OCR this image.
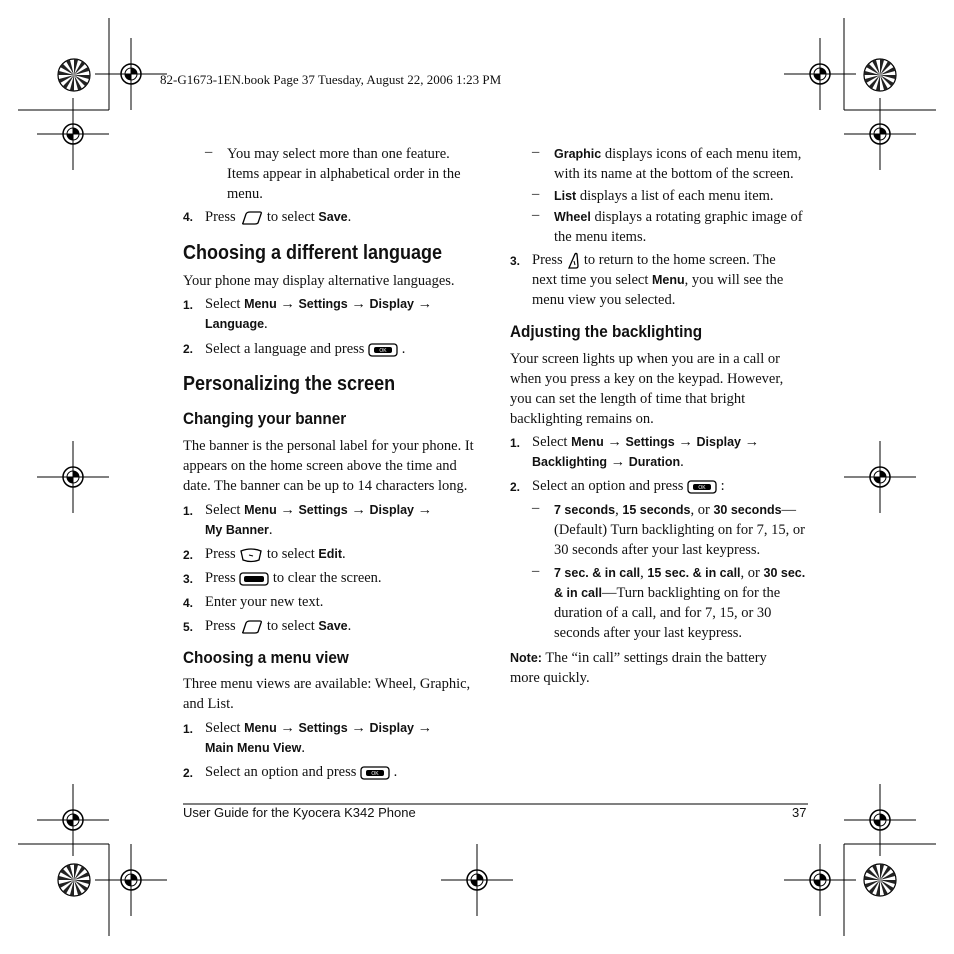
82-G1673-1EN.book Page 37 Tuesday, August 22, 2006 1:23 PM
– You may select more than one feature. Items appear in alphabetical order in the menu.
4. Press to select Save.
Choosing a different language
Your phone may display alternative languages.
1. Select Menu → Settings → Display →
Language.
2. Select a language and press	OK .
Personalizing the screen
Changing your banner
The banner is the personal label for your phone. It appears on the home screen above the time and date. The banner can be up to 14 characters long.
1. Select Menu → Settings → Display →
My Banner.
2. Press to select Edit.
3. Press	to clear the screen.
4. Enter your new text.
5. Press to select Save.
Choosing a menu view
Three menu views are available: Wheel, Graphic, and List.
1. Select Menu → Settings → Display →
Main Menu View.
2. Select an option and press	OK .
– Graphic displays icons of each menu item, with its name at the bottom of the screen.
– List displays a list of each menu item.
– Wheel displays a rotating graphic image of the menu items.
3. Press to return to the home screen. The next time you select Menu, you will see the menu view you selected.
Adjusting the backlighting
Your screen lights up when you are in a call or when you press a key on the keypad. However, you can set the length of time that bright backlighting remains on.
1. Select Menu → Settings → Display →
Backlighting → Duration.
2. Select an option and press	OK :
– 7 seconds, 15 seconds, or 30 seconds—(Default) Turn backlighting on for 7, 15, or 30 seconds after your last keypress.
– 7 sec. & in call, 15 sec. & in call, or 30 sec. & in call—Turn backlighting on for the duration of a call, and for 7, 15, or 30 seconds after your last keypress.
Note: The “in call” settings drain the battery more quickly.
User Guide for the Kyocera K342 Phone	37
